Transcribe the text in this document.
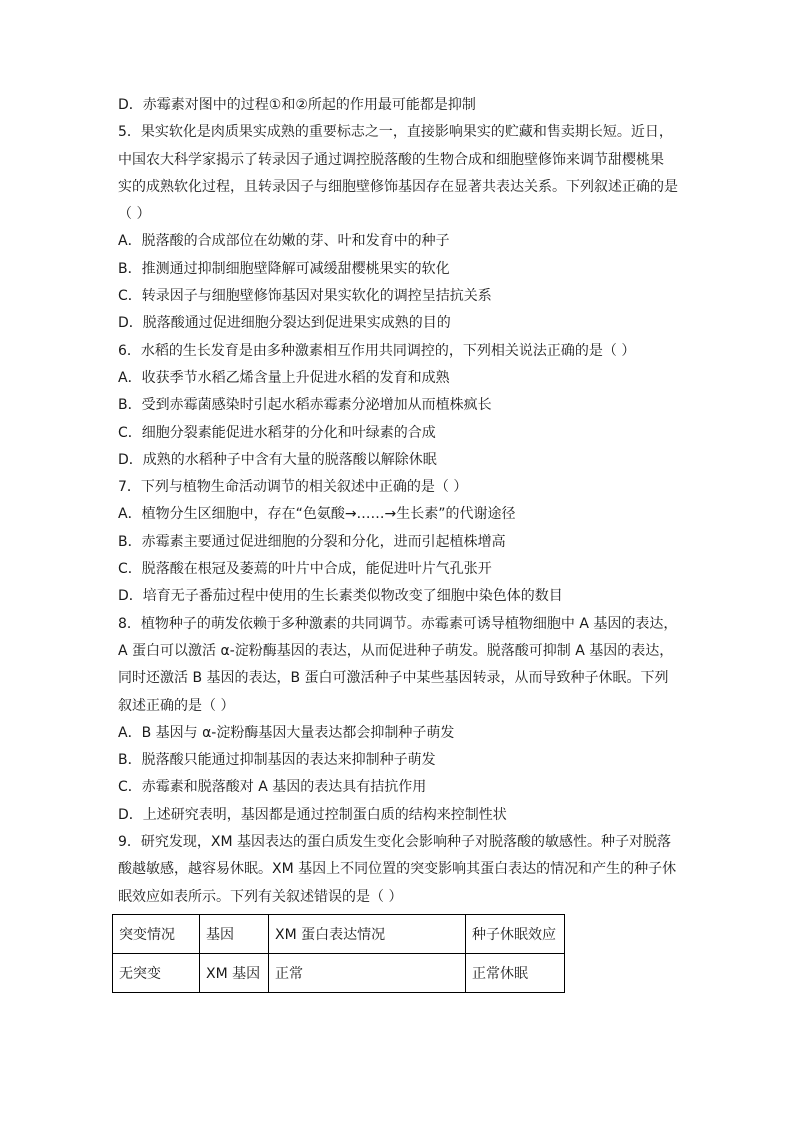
D．赤霉素对图中的过程①和②所起的作用最可能都是抑制
5．果实软化是肉质果实成熟的重要标志之一，直接影响果实的贮藏和售卖期长短。近日，
中国农大科学家揭示了转录因子通过调控脱落酸的生物合成和细胞壁修饰来调节甜樱桃果
实的成熟软化过程，且转录因子与细胞壁修饰基因存在显著共表达关系。下列叙述正确的是
（ ）
A．脱落酸的合成部位在幼嫩的芽、叶和发育中的种子
B．推测通过抑制细胞壁降解可减缓甜樱桃果实的软化
C．转录因子与细胞壁修饰基因对果实软化的调控呈拮抗关系
D．脱落酸通过促进细胞分裂达到促进果实成熟的目的
6．水稻的生长发育是由多种激素相互作用共同调控的，下列相关说法正确的是（ ）
A．收获季节水稻乙烯含量上升促进水稻的发育和成熟
B．受到赤霉菌感染时引起水稻赤霉素分泌增加从而植株疯长
C．细胞分裂素能促进水稻芽的分化和叶绿素的合成
D．成熟的水稻种子中含有大量的脱落酸以解除休眠
7．下列与植物生命活动调节的相关叙述中正确的是（ ）
A．植物分生区细胞中，存在“色氨酸→……→生长素”的代谢途径
B．赤霉素主要通过促进细胞的分裂和分化，进而引起植株增高
C．脱落酸在根冠及萎蔫的叶片中合成，能促进叶片气孔张开
D．培育无子番茄过程中使用的生长素类似物改变了细胞中染色体的数目
8．植物种子的萌发依赖于多种激素的共同调节。赤霉素可诱导植物细胞中 A 基因的表达，
A 蛋白可以激活 α-淀粉酶基因的表达，从而促进种子萌发。脱落酸可抑制 A 基因的表达，
同时还激活 B 基因的表达，B 蛋白可激活种子中某些基因转录，从而导致种子休眠。下列
叙述正确的是（ ）
A．B 基因与 α-淀粉酶基因大量表达都会抑制种子萌发
B．脱落酸只能通过抑制基因的表达来抑制种子萌发
C．赤霉素和脱落酸对 A 基因的表达具有拮抗作用
D．上述研究表明，基因都是通过控制蛋白质的结构来控制性状
9．研究发现，XM 基因表达的蛋白质发生变化会影响种子对脱落酸的敏感性。种子对脱落
酸越敏感，越容易休眠。XM 基因上不同位置的突变影响其蛋白表达的情况和产生的种子休
眠效应如表所示。下列有关叙述错误的是（ ）
突变情况	基因	XM 蛋白表达情况	种子休眠效应
无突变	XM 基因	正常	正常休眠
